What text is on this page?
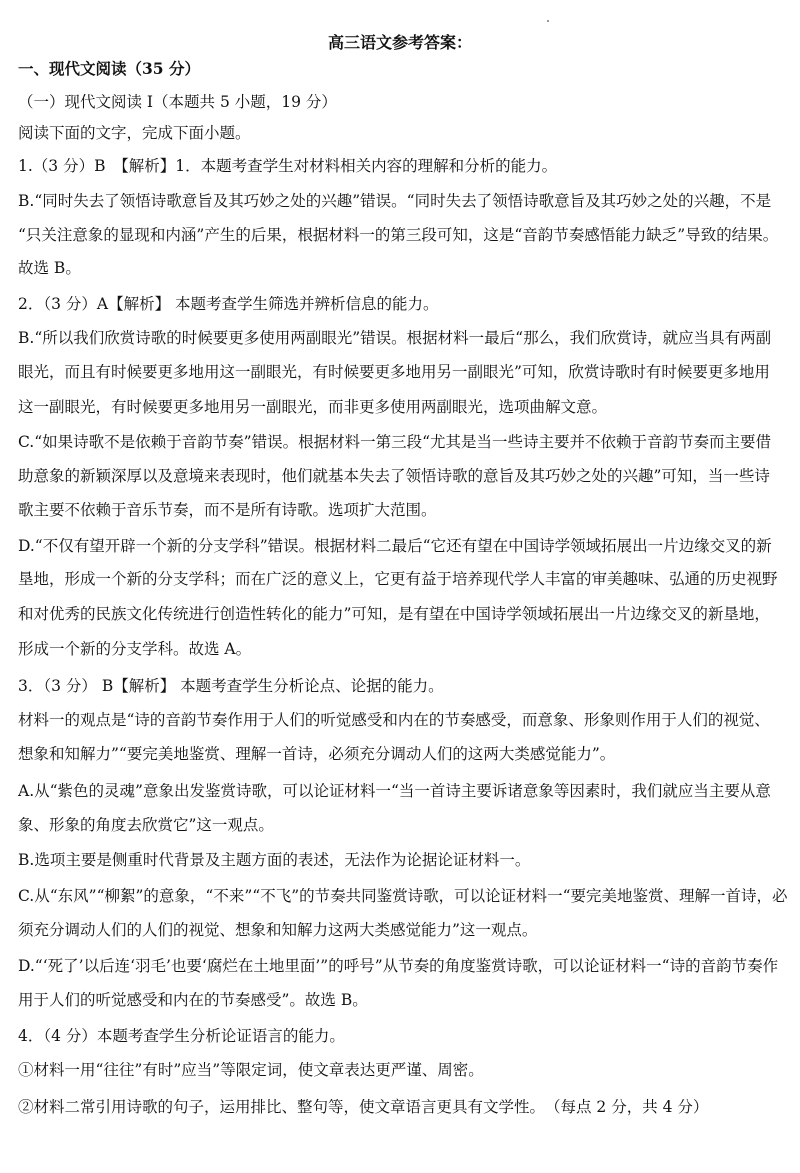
高三语文参考答案：
一、现代文阅读（35 分）
（一）现代文阅读 I（本题共 5 小题，19 分）
阅读下面的文字，完成下面小题。
1.（3 分）B　【解析】1．本题考查学生对材料相关内容的理解和分析的能力。
B.“同时失去了领悟诗歌意旨及其巧妙之处的兴趣”错误。“同时失去了领悟诗歌意旨及其巧妙之处的兴趣，不是
“只关注意象的显现和内涵”产生的后果，根据材料一的第三段可知，这是“音韵节奏感悟能力缺乏”导致的结果。
故选 B。
2．（3 分）A【解析】 本题考查学生筛选并辨析信息的能力。
B.“所以我们欣赏诗歌的时候要更多使用两副眼光”错误。根据材料一最后“那么，我们欣赏诗，就应当具有两副
眼光，而且有时候要更多地用这一副眼光，有时候要更多地用另一副眼光”可知，欣赏诗歌时有时候要更多地用
这一副眼光，有时候要更多地用另一副眼光，而非更多使用两副眼光，选项曲解文意。
C.“如果诗歌不是依赖于音韵节奏”错误。根据材料一第三段“尤其是当一些诗主要并不依赖于音韵节奏而主要借
助意象的新颖深厚以及意境来表现时，他们就基本失去了领悟诗歌的意旨及其巧妙之处的兴趣”可知，当一些诗
歌主要不依赖于音乐节奏，而不是所有诗歌。选项扩大范围。
D.“不仅有望开辟一个新的分支学科”错误。根据材料二最后“它还有望在中国诗学领域拓展出一片边缘交叉的新
垦地，形成一个新的分支学科；而在广泛的意义上，它更有益于培养现代学人丰富的审美趣味、弘通的历史视野
和对优秀的民族文化传统进行创造性转化的能力”可知，是有望在中国诗学领域拓展出一片边缘交叉的新垦地，
形成一个新的分支学科。故选 A。
3．（3 分） B【解析】 本题考查学生分析论点、论据的能力。
材料一的观点是“诗的音韵节奏作用于人们的听觉感受和内在的节奏感受，而意象、形象则作用于人们的视觉、
想象和知解力”“要完美地鉴赏、理解一首诗，必须充分调动人们的这两大类感觉能力”。
A.从“紫色的灵魂”意象出发鉴赏诗歌，可以论证材料一“当一首诗主要诉诸意象等因素时，我们就应当主要从意
象、形象的角度去欣赏它”这一观点。
B.选项主要是侧重时代背景及主题方面的表述，无法作为论据论证材料一。
C.从“东风”“柳絮”的意象，“不来”“不飞”的节奏共同鉴赏诗歌，可以论证材料一“要完美地鉴赏、理解一首诗，必
须充分调动人们的人们的视觉、想象和知解力这两大类感觉能力”这一观点。
D.“‘死了’以后连‘羽毛’也要‘腐烂在土地里面’”的呼号”从节奏的角度鉴赏诗歌，可以论证材料一“诗的音韵节奏作
用于人们的听觉感受和内在的节奏感受”。故选 B。
4．（4 分）本题考查学生分析论证语言的能力。
①材料一用“往往”有时”应当”等限定词，使文章表达更严谨、周密。
②材料二常引用诗歌的句子，运用排比、整句等，使文章语言更具有文学性。　（每点 2 分，共 4 分）
